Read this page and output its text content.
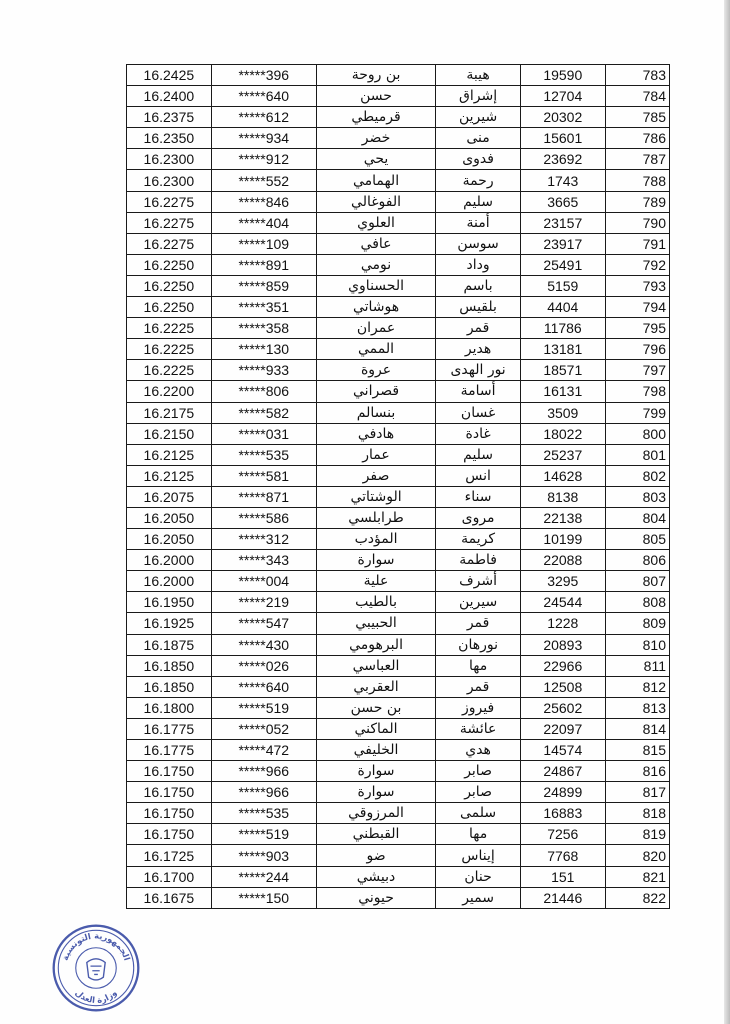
16.2425	*****396	بن روحة	هيبة	19590	783
16.2400	*****640	حسن	إشراق	12704	784
16.2375	*****612	قرميطي	شيرين	20302	785
16.2350	*****934	خضر	منى	15601	786
16.2300	*****912	يحي	فدوى	23692	787
16.2300	*****552	الهمامي	رحمة	1743	788
16.2275	*****846	الفوغالي	سليم	3665	789
16.2275	*****404	العلوي	أمنة	23157	790
16.2275	*****109	عافي	سوسن	23917	791
16.2250	*****891	نومي	وداد	25491	792
16.2250	*****859	الحسناوي	باسم	5159	793
16.2250	*****351	هوشاتي	بلقيس	4404	794
16.2225	*****358	عمران	قمر	11786	795
16.2225	*****130	الممي	هدير	13181	796
16.2225	*****933	عروة	نور الهدى	18571	797
16.2200	*****806	قصراني	أسامة	16131	798
16.2175	*****582	بنسالم	غسان	3509	799
16.2150	*****031	هادفي	غادة	18022	800
16.2125	*****535	عمار	سليم	25237	801
16.2125	*****581	صفر	انس	14628	802
16.2075	*****871	الوشتاتي	سناء	8138	803
16.2050	*****586	طرابلسي	مروى	22138	804
16.2050	*****312	المؤدب	كريمة	10199	805
16.2000	*****343	سوارة	فاطمة	22088	806
16.2000	*****004	علية	أشرف	3295	807
16.1950	*****219	بالطيب	سيرين	24544	808
16.1925	*****547	الحبيبي	قمر	1228	809
16.1875	*****430	البرهومي	نورهان	20893	810
16.1850	*****026	العباسي	مها	22966	811
16.1850	*****640	العقربي	قمر	12508	812
16.1800	*****519	بن حسن	فيروز	25602	813
16.1775	*****052	الماكني	عائشة	22097	814
16.1775	*****472	الخليفي	هدي	14574	815
16.1750	*****966	سوارة	صابر	24867	816
16.1750	*****966	سوارة	صابر	24899	817
16.1750	*****535	المرزوقي	سلمى	16883	818
16.1750	*****519	القبطني	مها	7256	819
16.1725	*****903	ضو	إيناس	7768	820
16.1700	*****244	دبيشي	حنان	151	821
16.1675	*****150	حيوني	سمير	21446	822
الجمهورية التونسية
وزارة العدل
